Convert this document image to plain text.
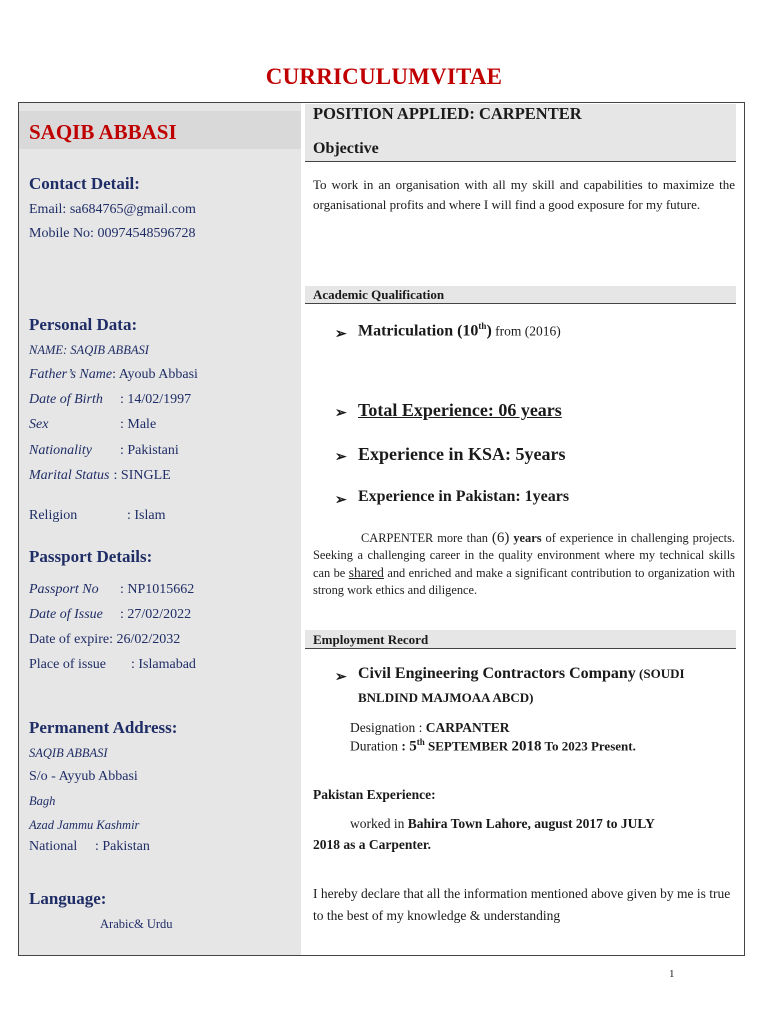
CURRICULUMVITAE
SAQIB ABBASI
Contact Detail:
Email: sa684765@gmail.com
Mobile No: 00974548596728
Personal Data:
NAME: SAQIB ABBASI
Father’s Name: Ayoub Abbasi
Date of Birth : 14/02/1997
Sex	: Male
Nationality : Pakistani
Marital Status : SINGLE
Religion	: Islam
Passport Details:
Passport No : NP1015662
Date of Issue : 27/02/2022
Date of expire: 26/02/2032
Place of issue : Islamabad
Permanent Address:
SAQIB ABBASI
S/o - Ayyub Abbasi
Bagh
Azad Jammu Kashmir
National : Pakistan
Language:
Arabic& Urdu
POSITION APPLIED: CARPENTER
Objective
To work in an organisation with all my skill and capabilities to maximize the organisational profits and where I will find a good exposure for my future.
Academic Qualification
➢ Matriculation (10th) from (2016)
➢ Total Experience: 06 years
➢ Experience in KSA: 5years
➢ Experience in Pakistan: 1years
CARPENTER more than (6) years of experience in challenging projects. Seeking a challenging career in the quality environment where my technical skills can be shared and enriched and make a significant contribution to organization with strong work ethics and diligence.
Employment Record
➢ Civil Engineering Contractors Company (SOUDI
BNLDIND MAJMOAA ABCD)
Designation : CARPANTER
Duration : 5th SEPTEMBER 2018 To 2023 Present.
Pakistan Experience:
worked in Bahira Town Lahore, august 2017 to JULY
2018 as a Carpenter.
I hereby declare that all the information mentioned above given by me is true to the best of my knowledge & understanding
1
